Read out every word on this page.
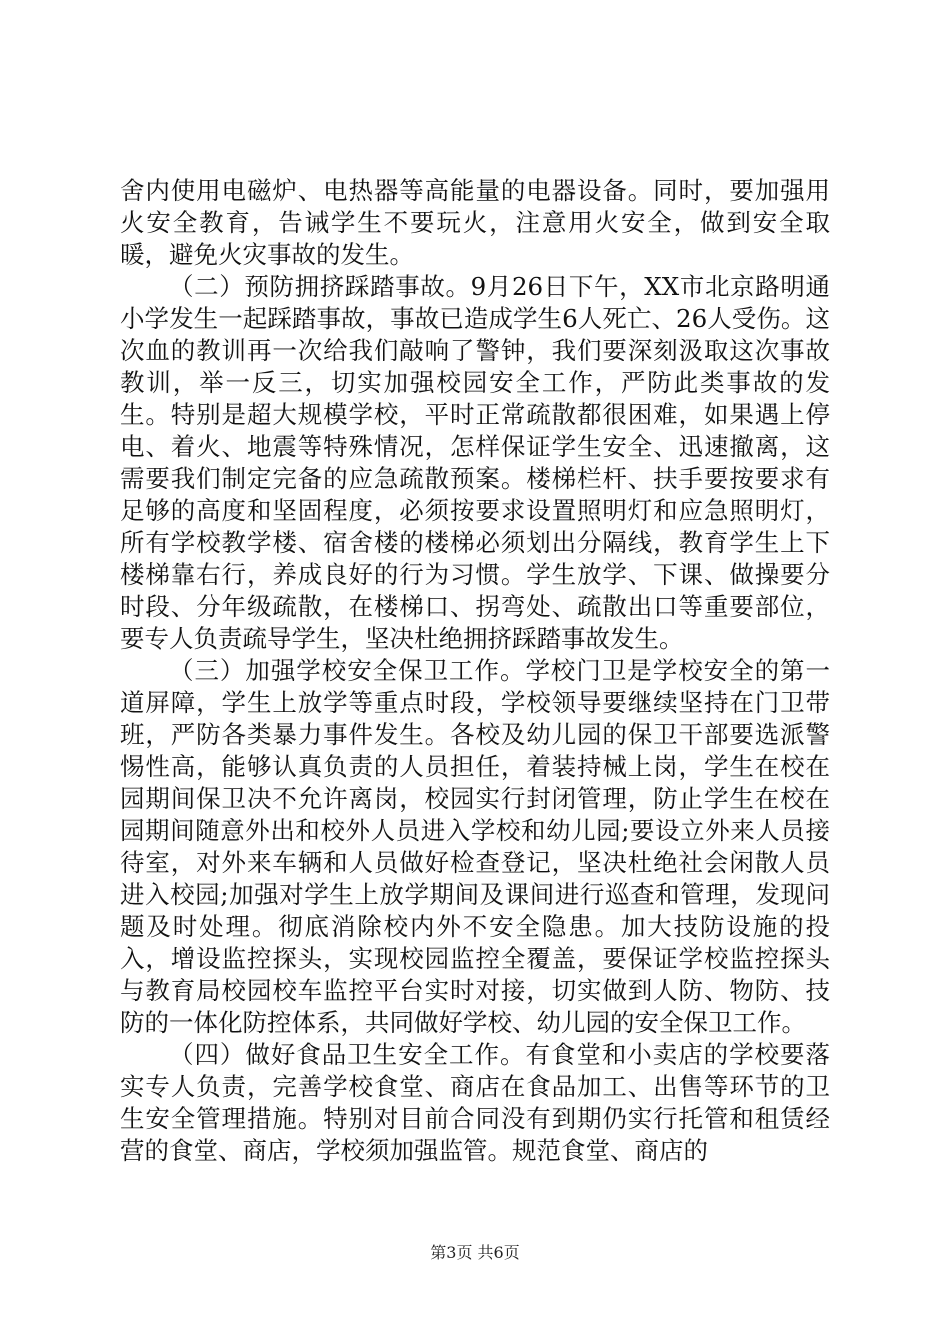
舍内使用电磁炉、电热器等高能量的电器设备。同时，要加强用火安全教育，告诫学生不要玩火，注意用火安全，做到安全取暖，避免火灾事故的发生。

（二）预防拥挤踩踏事故。9月26日下午，XX市北京路明通小学发生一起踩踏事故，事故已造成学生6人死亡、26人受伤。这次血的教训再一次给我们敲响了警钟，我们要深刻汲取这次事故教训，举一反三，切实加强校园安全工作，严防此类事故的发生。特别是超大规模学校，平时正常疏散都很困难，如果遇上停电、着火、地震等特殊情况，怎样保证学生安全、迅速撤离，这需要我们制定完备的应急疏散预案。楼梯栏杆、扶手要按要求有足够的高度和坚固程度，必须按要求设置照明灯和应急照明灯，所有学校教学楼、宿舍楼的楼梯必须划出分隔线，教育学生上下楼梯靠右行，养成良好的行为习惯。学生放学、下课、做操要分时段、分年级疏散，在楼梯口、拐弯处、疏散出口等重要部位，要专人负责疏导学生，坚决杜绝拥挤踩踏事故发生。

（三）加强学校安全保卫工作。学校门卫是学校安全的第一道屏障，学生上放学等重点时段，学校领导要继续坚持在门卫带班，严防各类暴力事件发生。各校及幼儿园的保卫干部要选派警惕性高，能够认真负责的人员担任，着装持械上岗，学生在校在园期间保卫决不允许离岗，校园实行封闭管理，防止学生在校在园期间随意外出和校外人员进入学校和幼儿园;要设立外来人员接待室，对外来车辆和人员做好检查登记，坚决杜绝社会闲散人员进入校园;加强对学生上放学期间及课间进行巡查和管理，发现问题及时处理。彻底消除校内外不安全隐患。加大技防设施的投入，增设监控探头，实现校园监控全覆盖，要保证学校监控探头与教育局校园校车监控平台实时对接，切实做到人防、物防、技防的一体化防控体系，共同做好学校、幼儿园的安全保卫工作。

（四）做好食品卫生安全工作。有食堂和小卖店的学校要落实专人负责，完善学校食堂、商店在食品加工、出售等环节的卫生安全管理措施。特别对目前合同没有到期仍实行托管和租赁经营的食堂、商店，学校须加强监管。规范食堂、商店的

第3页 共6页
